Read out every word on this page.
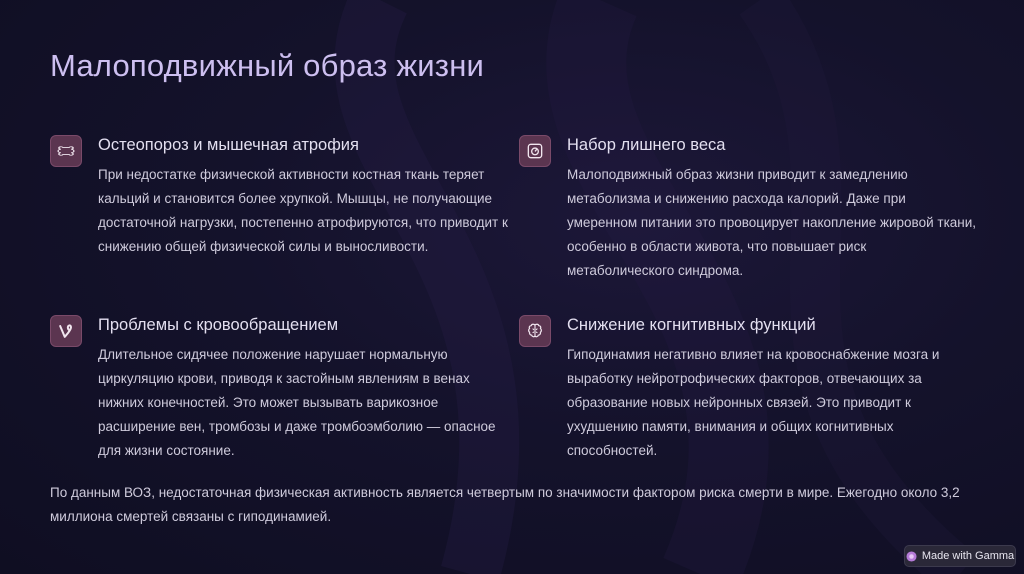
Малоподвижный образ жизни
Остеопороз и мышечная атрофия

При недостатке физической активности костная ткань теряет кальций и становится более хрупкой. Мышцы, не получающие достаточной нагрузки, постепенно атрофируются, что приводит к снижению общей физической силы и выносливости.

Набор лишнего веса

Малоподвижный образ жизни приводит к замедлению метаболизма и снижению расхода калорий. Даже при умеренном питании это провоцирует накопление жировой ткани, особенно в области живота, что повышает риск метаболического синдрома.

Проблемы с кровообращением

Длительное сидячее положение нарушает нормальную циркуляцию крови, приводя к застойным явлениям в венах нижних конечностей. Это может вызывать варикозное расширение вен, тромбозы и даже тромбоэмболию — опасное для жизни состояние.

Снижение когнитивных функций

Гиподинамия негативно влияет на кровоснабжение мозга и выработку нейротрофических факторов, отвечающих за образование новых нейронных связей. Это приводит к ухудшению памяти, внимания и общих когнитивных способностей.

По данным ВОЗ, недостаточная физическая активность является четвертым по значимости фактором риска смерти в мире. Ежегодно около 3,2 миллиона смертей связаны с гиподинамией.

Made with Gamma
